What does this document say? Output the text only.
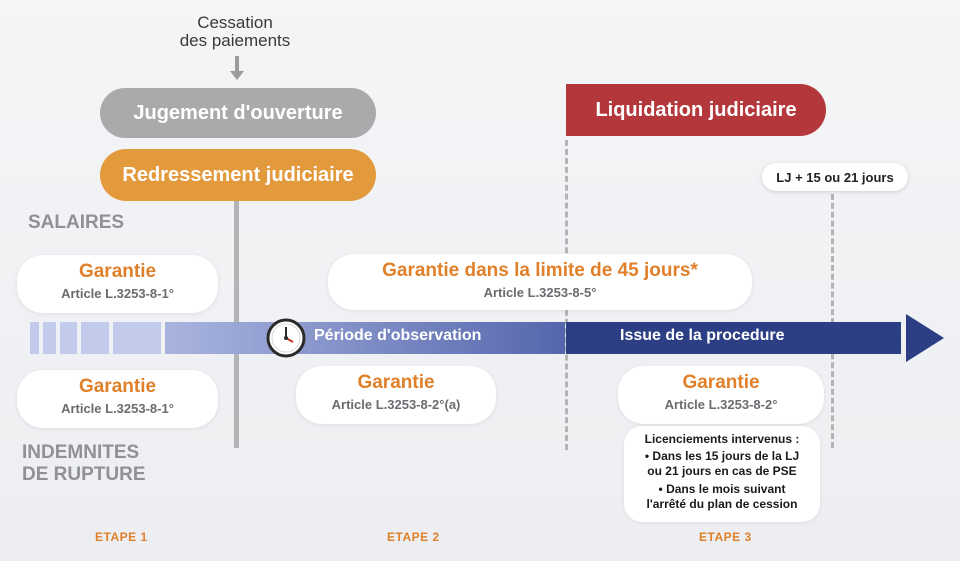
Cessation
des paiements
Jugement d'ouverture
Redressement judiciaire
Liquidation judiciaire
LJ + 15 ou 21 jours
SALAIRES
INDEMNITES
DE RUPTURE
Période d'observation	Issue de la procedure
Garantie
Article L.3253-8-1°
Garantie dans la limite de 45 jours*
Article L.3253-8-5°
Garantie
Article L.3253-8-1°
Garantie
Article L.3253-8-2°(a)
Garantie
Article L.3253-8-2°
Licenciements intervenus :
• Dans les 15 jours de la LJ
ou 21 jours en cas de PSE
• Dans le mois suivant
l'arrêté du plan de cession
ETAPE 1	ETAPE 2	ETAPE 3
